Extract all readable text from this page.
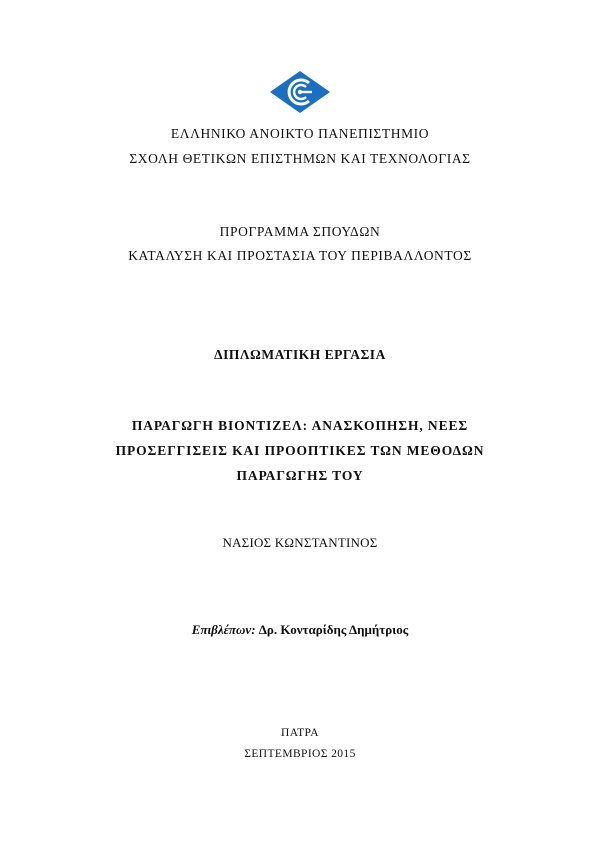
ΕΛΛΗΝΙΚΟ ΑΝΟΙΚΤΟ ΠΑΝΕΠΙΣΤΗΜΙΟ
ΣΧΟΛΗ ΘΕΤΙΚΩΝ ΕΠΙΣΤΗΜΩΝ ΚΑΙ ΤΕΧΝΟΛΟΓΙΑΣ
ΠΡΟΓΡΑΜΜΑ ΣΠΟΥΔΩΝ
ΚΑΤΑΛΥΣΗ ΚΑΙ ΠΡΟΣΤΑΣΙΑ ΤΟΥ ΠΕΡΙΒΑΛΛΟΝΤΟΣ
ΔΙΠΛΩΜΑΤΙΚΗ ΕΡΓΑΣΙΑ
ΠΑΡΑΓΩΓΗ ΒΙΟΝΤΙΖΕΛ: ΑΝΑΣΚΟΠΗΣΗ, ΝΕΕΣ
ΠΡΟΣΕΓΓΙΣΕΙΣ ΚΑΙ ΠΡΟΟΠΤΙΚΕΣ ΤΩΝ ΜΕΘΟΔΩΝ
ΠΑΡΑΓΩΓΗΣ ΤΟΥ
ΝΑΣΙΟΣ ΚΩΝΣΤΑΝΤΙΝΟΣ
Επιβλέπων: Δρ. Κονταρίδης Δημήτριος
ΠΑΤΡΑ
ΣΕΠΤΕΜΒΡΙΟΣ 2015
